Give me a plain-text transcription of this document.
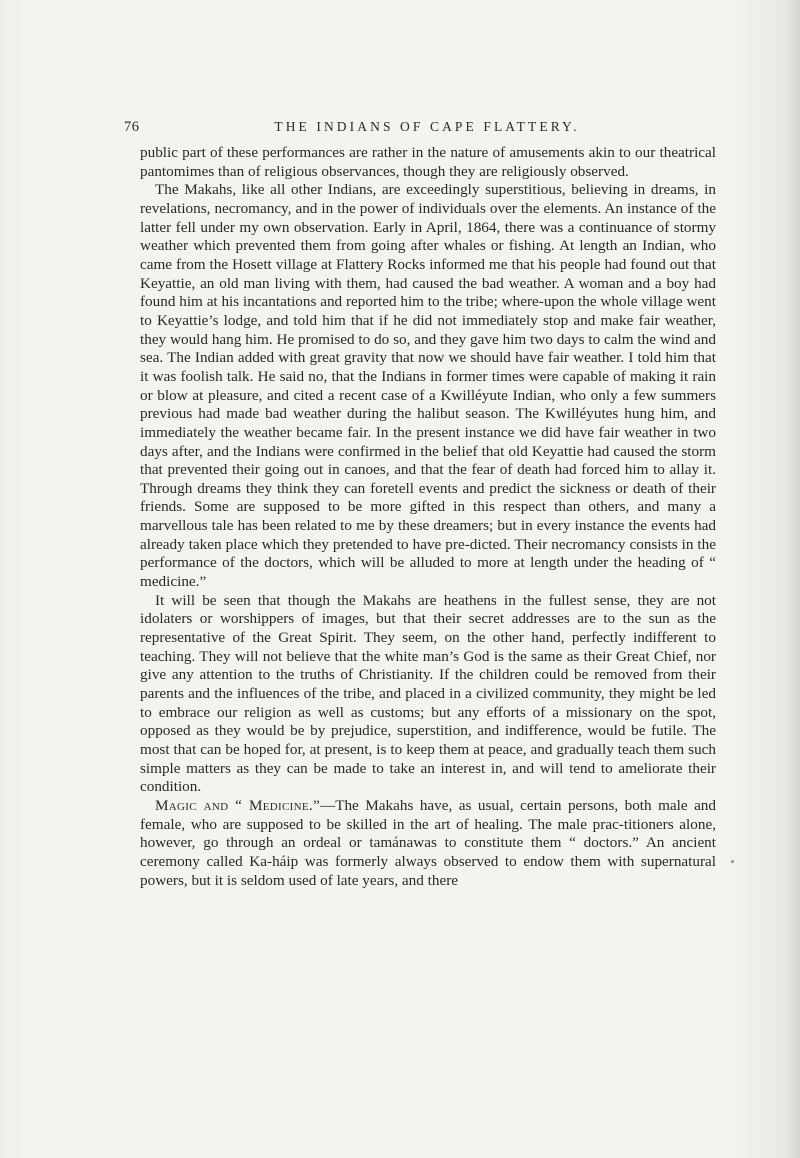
76	THE INDIANS OF CAPE FLATTERY.

public part of these performances are rather in the nature of amusements akin to our theatrical pantomimes than of religious observances, though they are religiously observed.

The Makahs, like all other Indians, are exceedingly superstitious, believing in dreams, in revelations, necromancy, and in the power of individuals over the elements. An instance of the latter fell under my own observation. Early in April, 1864, there was a continuance of stormy weather which prevented them from going after whales or fishing. At length an Indian, who came from the Hosett village at Flattery Rocks informed me that his people had found out that Keyattie, an old man living with them, had caused the bad weather. A woman and a boy had found him at his incantations and reported him to the tribe; where-upon the whole village went to Keyattie’s lodge, and told him that if he did not immediately stop and make fair weather, they would hang him. He promised to do so, and they gave him two days to calm the wind and sea. The Indian added with great gravity that now we should have fair weather. I told him that it was foolish talk. He said no, that the Indians in former times were capable of making it rain or blow at pleasure, and cited a recent case of a Kwilléyute Indian, who only a few summers previous had made bad weather during the halibut season. The Kwilléyutes hung him, and immediately the weather became fair. In the present instance we did have fair weather in two days after, and the Indians were confirmed in the belief that old Keyattie had caused the storm that prevented their going out in canoes, and that the fear of death had forced him to allay it. Through dreams they think they can foretell events and predict the sickness or death of their friends. Some are supposed to be more gifted in this respect than others, and many a marvellous tale has been related to me by these dreamers; but in every instance the events had already taken place which they pretended to have pre-dicted. Their necromancy consists in the performance of the doctors, which will be alluded to more at length under the heading of “ medicine.”

It will be seen that though the Makahs are heathens in the fullest sense, they are not idolaters or worshippers of images, but that their secret addresses are to the sun as the representative of the Great Spirit. They seem, on the other hand, perfectly indifferent to teaching. They will not believe that the white man’s God is the same as their Great Chief, nor give any attention to the truths of Christianity. If the children could be removed from their parents and the influences of the tribe, and placed in a civilized community, they might be led to embrace our religion as well as customs; but any efforts of a missionary on the spot, opposed as they would be by prejudice, superstition, and indifference, would be futile. The most that can be hoped for, at present, is to keep them at peace, and gradually teach them such simple matters as they can be made to take an interest in, and will tend to ameliorate their condition.

Magic and “ Medicine.”—The Makahs have, as usual, certain persons, both male and female, who are supposed to be skilled in the art of healing. The male prac-titioners alone, however, go through an ordeal or tamánawas to constitute them “ doctors.” An ancient ceremony called Ka-háip was formerly always observed to endow them with supernatural powers, but it is seldom used of late years, and there
